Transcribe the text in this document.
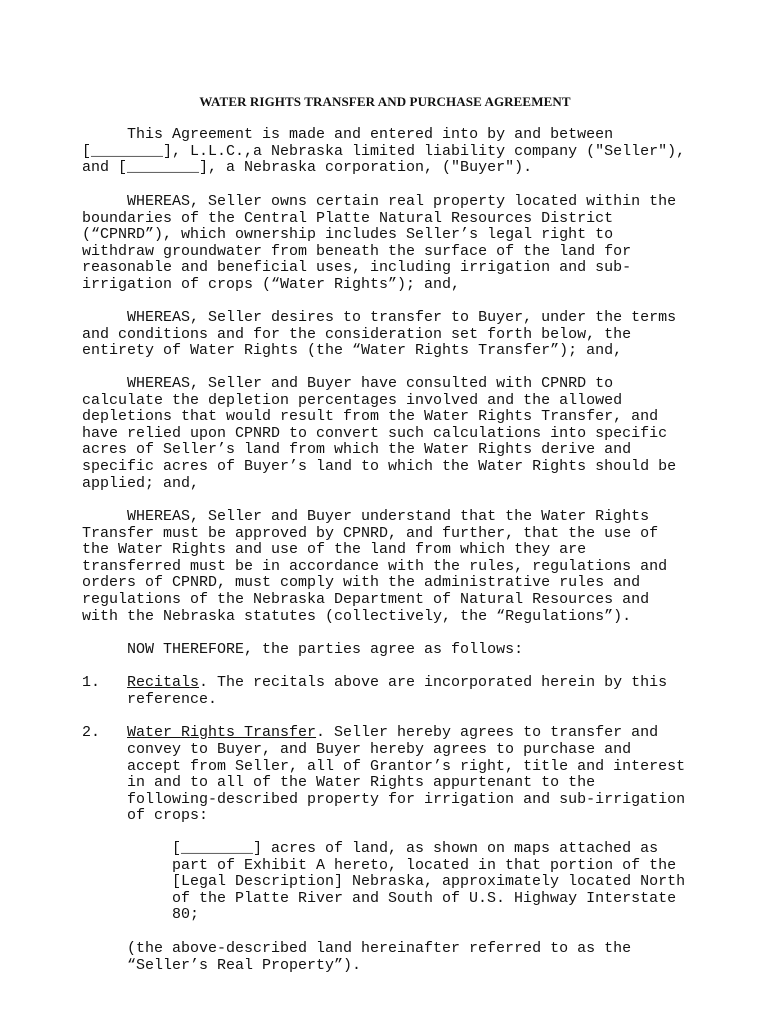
WATER RIGHTS TRANSFER AND PURCHASE AGREEMENT
This Agreement is made and entered into by and between
[________], L.L.C.,a Nebraska limited liability company ("Seller"),
and [________], a Nebraska corporation, ("Buyer").
WHEREAS, Seller owns certain real property located within the
boundaries of the Central Platte Natural Resources District
(“CPNRD”), which ownership includes Seller’s legal right to
withdraw groundwater from beneath the surface of the land for
reasonable and beneficial uses, including irrigation and sub-
irrigation of crops (“Water Rights”); and,
WHEREAS, Seller desires to transfer to Buyer, under the terms
and conditions and for the consideration set forth below, the
entirety of Water Rights (the “Water Rights Transfer”); and,
WHEREAS, Seller and Buyer have consulted with CPNRD to
calculate the depletion percentages involved and the allowed
depletions that would result from the Water Rights Transfer, and
have relied upon CPNRD to convert such calculations into specific
acres of Seller’s land from which the Water Rights derive and
specific acres of Buyer’s land to which the Water Rights should be
applied; and,
WHEREAS, Seller and Buyer understand that the Water Rights
Transfer must be approved by CPNRD, and further, that the use of
the Water Rights and use of the land from which they are
transferred must be in accordance with the rules, regulations and
orders of CPNRD, must comply with the administrative rules and
regulations of the Nebraska Department of Natural Resources and
with the Nebraska statutes (collectively, the “Regulations”).
NOW THEREFORE, the parties agree as follows:
1. Recitals. The recitals above are incorporated herein by this
reference.
2. Water Rights Transfer. Seller hereby agrees to transfer and
convey to Buyer, and Buyer hereby agrees to purchase and
accept from Seller, all of Grantor’s right, title and interest
in and to all of the Water Rights appurtenant to the
following-described property for irrigation and sub-irrigation
of crops:
[________] acres of land, as shown on maps attached as
part of Exhibit A hereto, located in that portion of the
[Legal Description] Nebraska, approximately located North
of the Platte River and South of U.S. Highway Interstate
80;
(the above-described land hereinafter referred to as the
“Seller’s Real Property”).
